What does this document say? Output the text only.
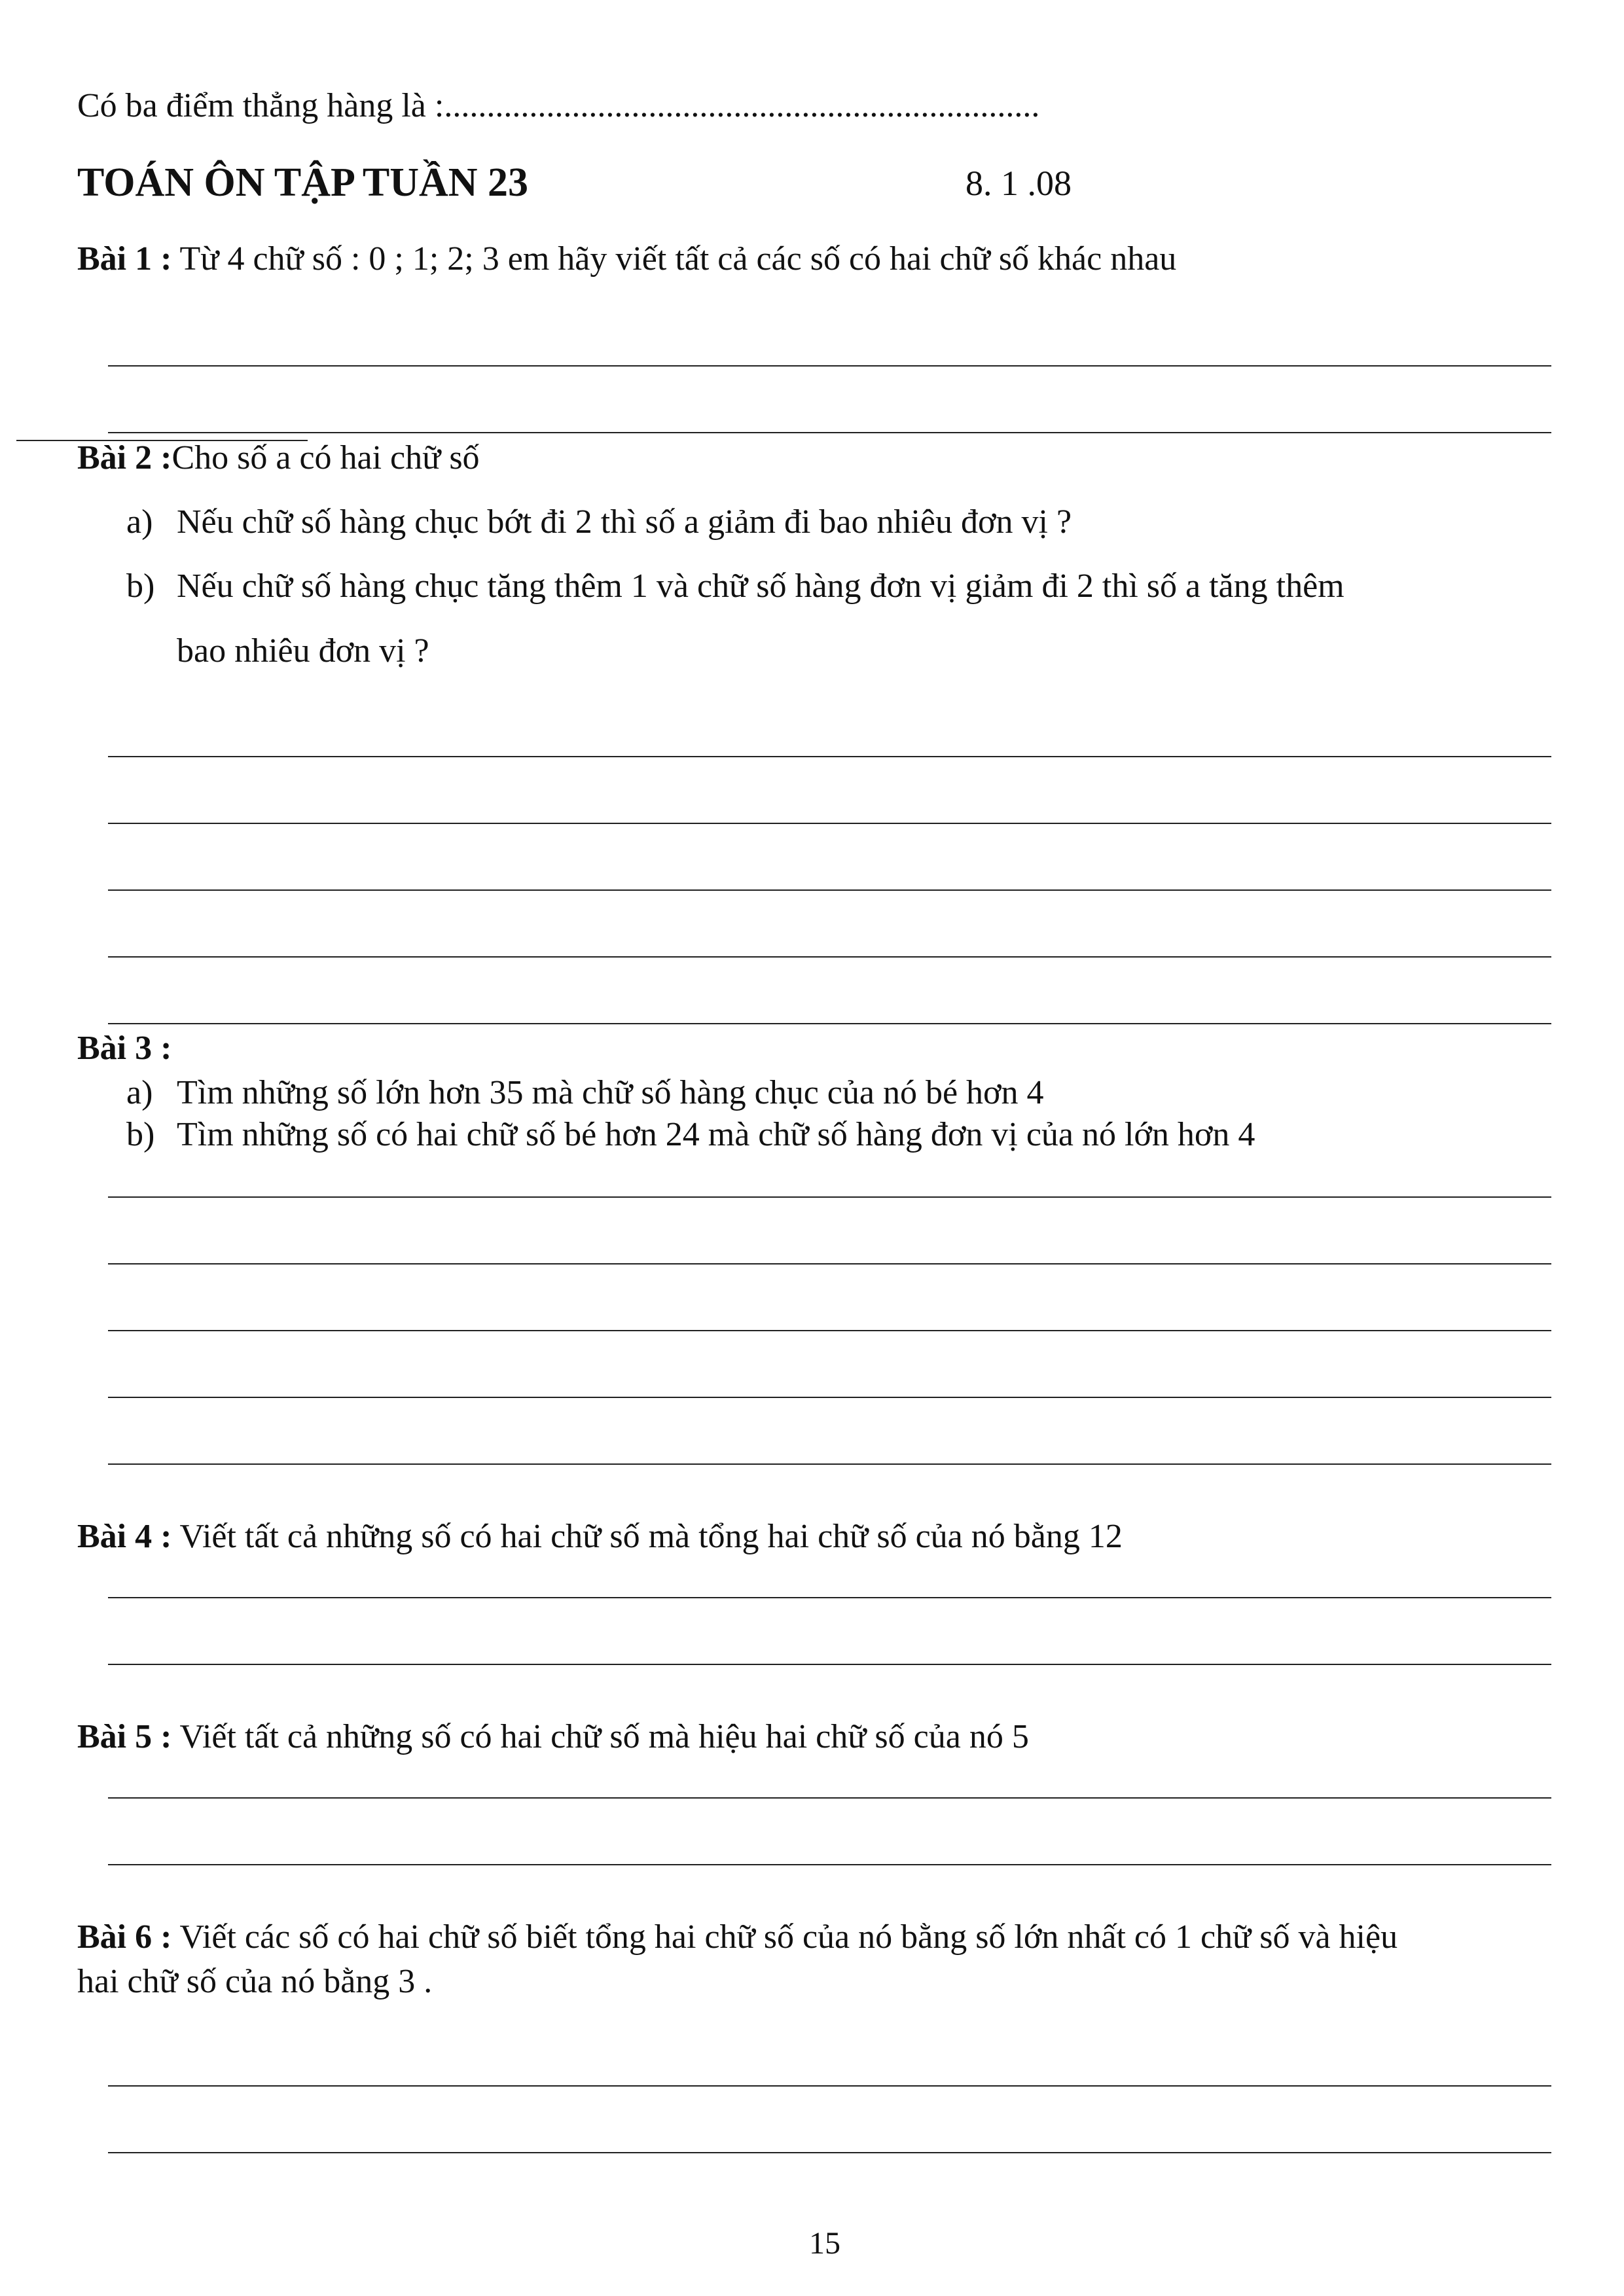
Có ba điểm thẳng hàng là :......................................................................
TOÁN ÔN TẬP TUẦN 23	8. 1 .08
Bài 1 : Từ 4 chữ số : 0 ; 1; 2; 3 em hãy viết tất cả các số có hai chữ số khác nhau
Bài 2 :Cho số a có hai chữ số
a) Nếu chữ số hàng chục bớt đi 2 thì số a giảm đi bao nhiêu đơn vị ?
b) Nếu chữ số hàng chục tăng thêm 1 và chữ số hàng đơn vị giảm đi 2 thì số a tăng thêm
bao nhiêu đơn vị ?
Bài 3 :
a) Tìm những số lớn hơn 35 mà chữ số hàng chục của nó bé hơn 4
b) Tìm những số có hai chữ số bé hơn 24 mà chữ số hàng đơn vị của nó lớn hơn 4
Bài 4 : Viết tất cả những số có hai chữ số mà tổng hai chữ số của nó bằng 12
Bài 5 : Viết tất cả những số có hai chữ số mà hiệu hai chữ số của nó 5
Bài 6 : Viết các số có hai chữ số biết tổng hai chữ số của nó bằng số lớn nhất có 1 chữ số và hiệu
hai chữ số của nó bằng 3 .
15
